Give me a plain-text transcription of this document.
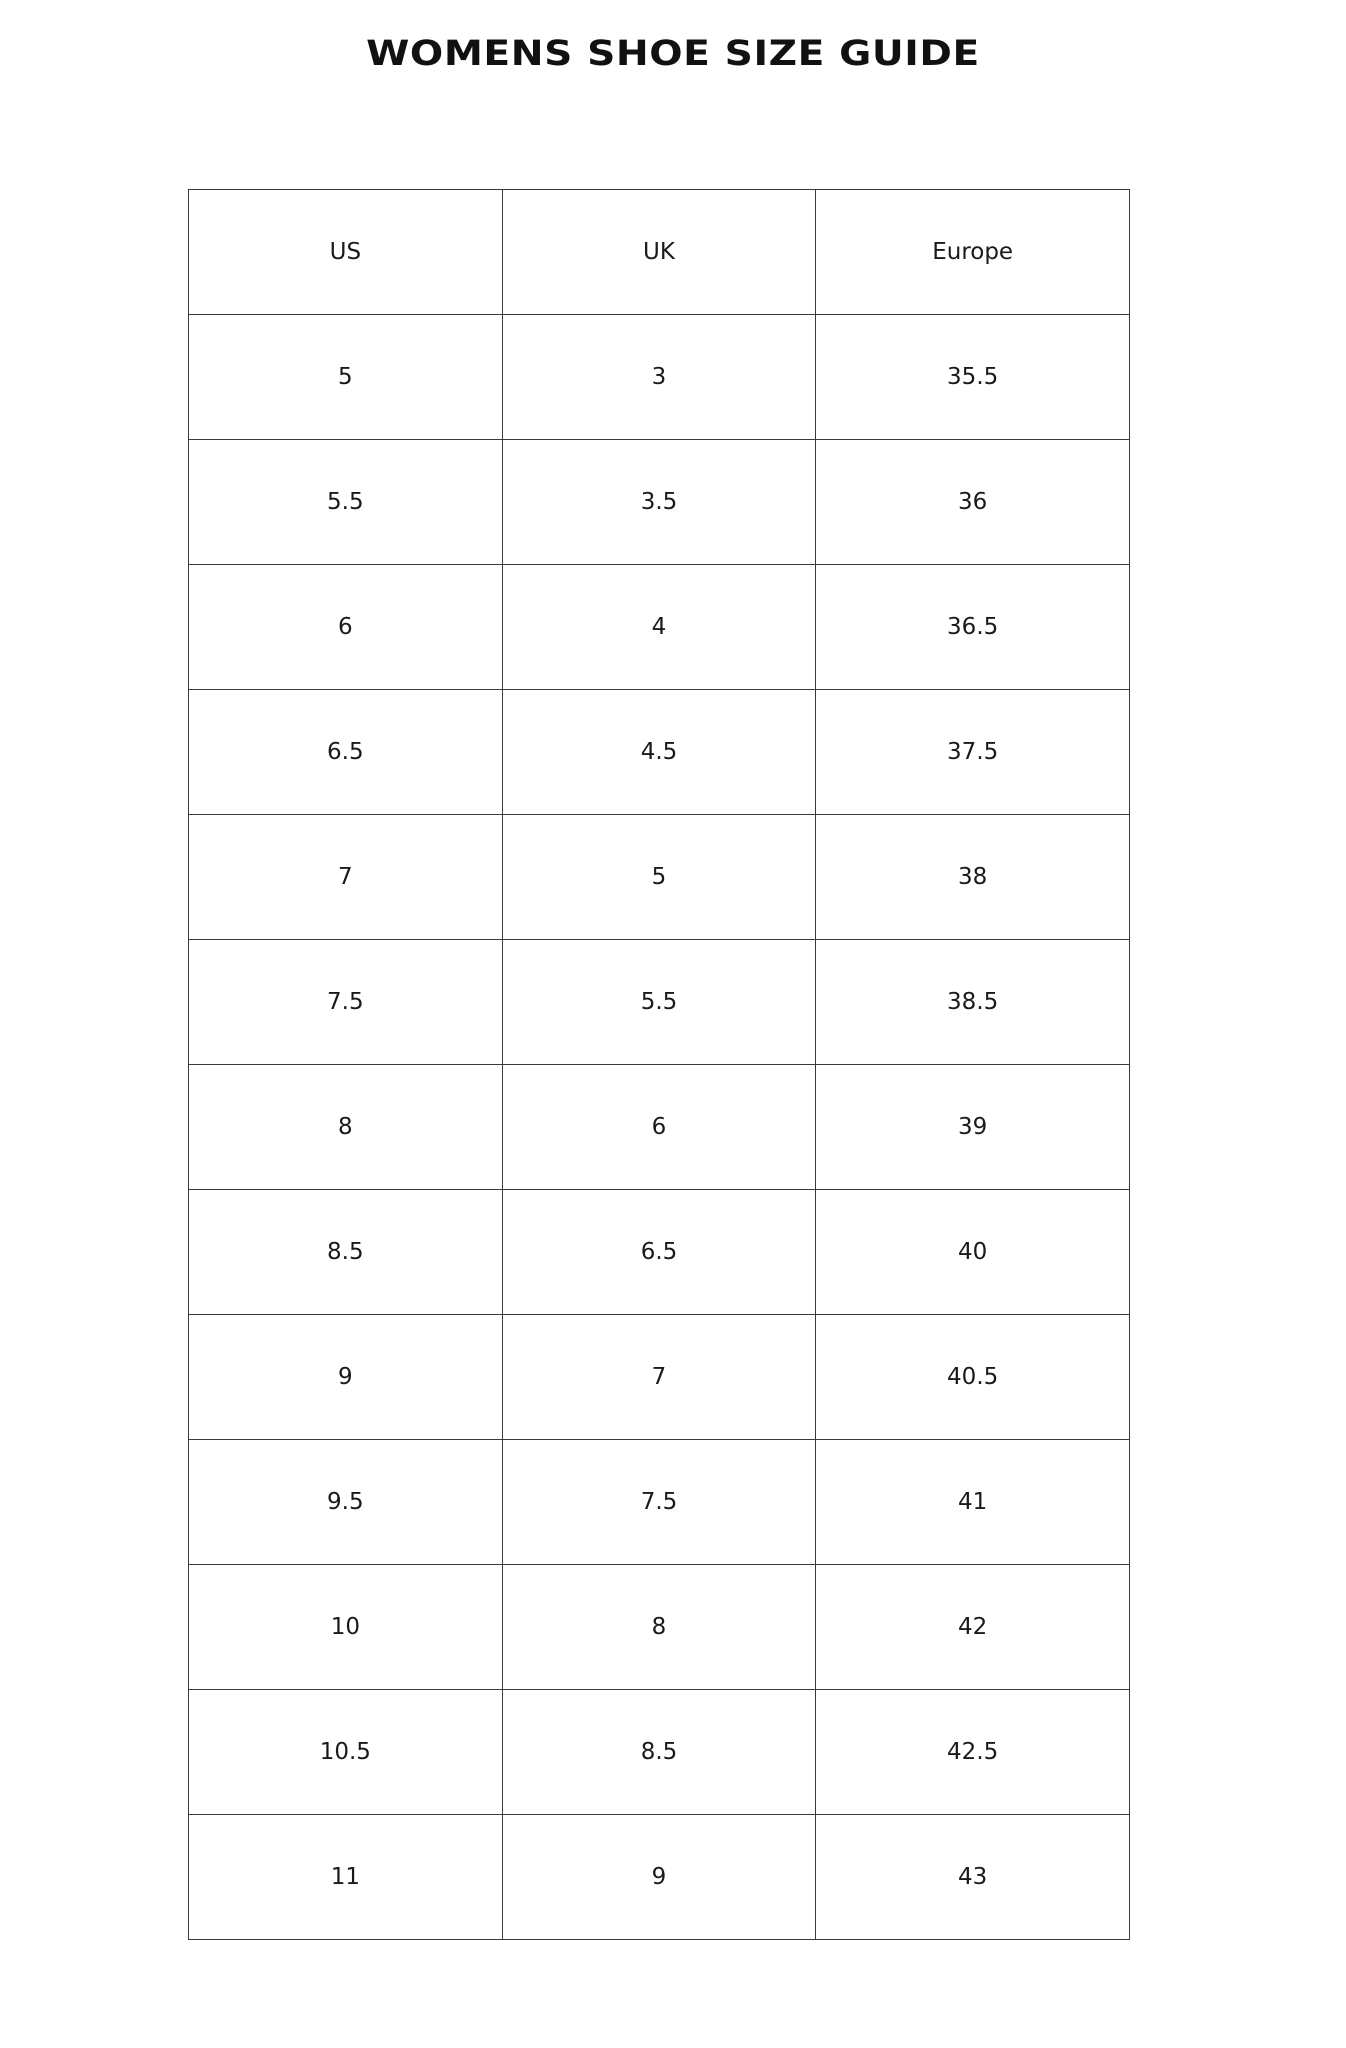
WOMENS SHOE SIZE GUIDE
US	UK	Europe
5	3	35.5
5.5	3.5	36
6	4	36.5
6.5	4.5	37.5
7	5	38
7.5	5.5	38.5
8	6	39
8.5	6.5	40
9	7	40.5
9.5	7.5	41
10	8	42
10.5	8.5	42.5
11	9	43
